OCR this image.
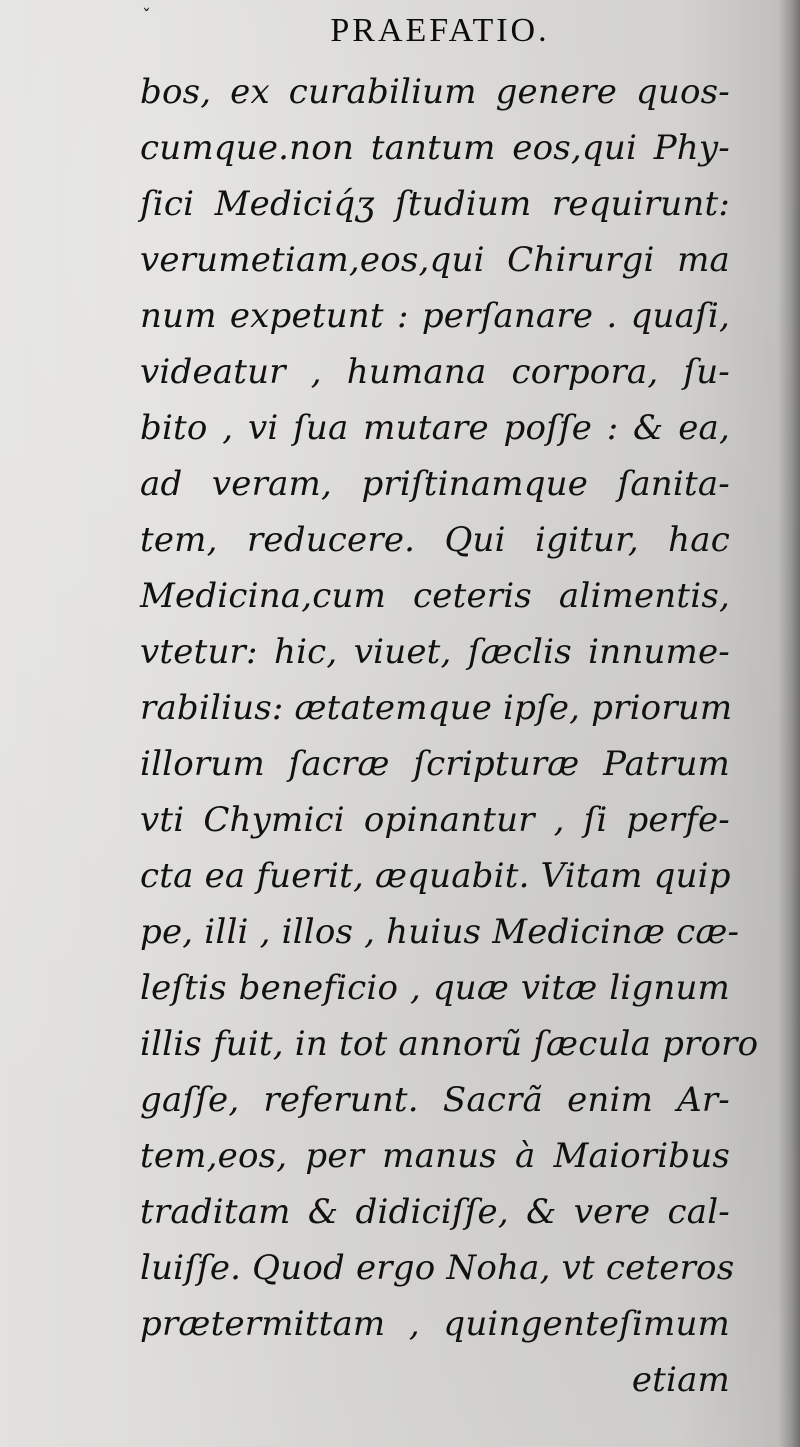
ˇ	PRAEFATIO.
bos, ex curabilium genere quos-
cumque.non tantum eos,qui Phy-
ſici Mediciq́ʒ ſtudium requirunt:
verumetiam,eos,qui Chirurgi ma
num expetunt : perſanare . quaſi,
videatur , humana corpora, ſu-
bito , vi ſua mutare poſſe : & ea,
ad veram, priſtinamque ſanita-
tem, reducere. Qui igitur, hac
Medicina,cum ceteris alimentis,
vtetur: hic, viuet, ſæclis innume-
rabilius: ætatemque ipſe, priorum
illorum ſacræ ſcripturæ Patrum
vti Chymici opinantur , ſi perfe-
cta ea fuerit, æquabit. Vitam quip
pe, illi , illos , huius Medicinæ cæ-
leſtis beneficio , quæ vitæ lignum
illis fuit, in tot annorũ ſæcula proro
gaſſe, referunt. Sacrã enim Ar-
tem,eos, per manus à Maioribus
traditam & didiciſſe, & vere cal-
luiſſe. Quod ergo Noha, vt ceteros
prætermittam , quingenteſimum
etiam
